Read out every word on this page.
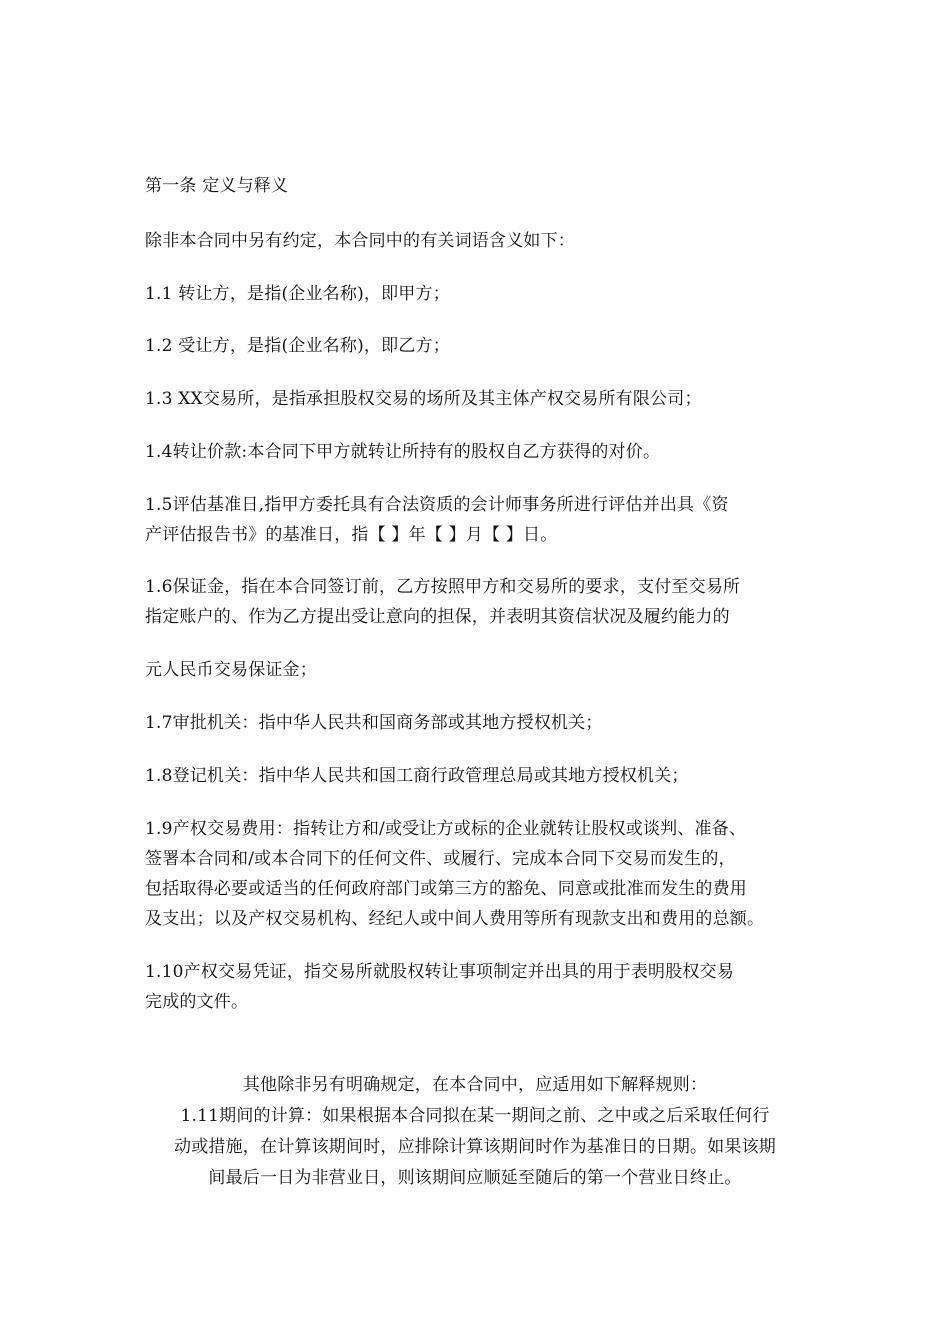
第一条 定义与释义
除非本合同中另有约定，本合同中的有关词语含义如下：
1.1 转让方，是指(企业名称)，即甲方；
1.2 受让方，是指(企业名称)，即乙方；
1.3 XX交易所，是指承担股权交易的场所及其主体产权交易所有限公司；
1.4转让价款:本合同下甲方就转让所持有的股权自乙方获得的对价。
1.5评估基准日,指甲方委托具有合法资质的会计师事务所进行评估并出具《资
产评估报告书》的基准日，指【 】年【 】月【 】日。
1.6保证金，指在本合同签订前，乙方按照甲方和交易所的要求，支付至交易所
指定账户的、作为乙方提出受让意向的担保，并表明其资信状况及履约能力的
元人民币交易保证金；
1.7审批机关：指中华人民共和国商务部或其地方授权机关；
1.8登记机关：指中华人民共和国工商行政管理总局或其地方授权机关；
1.9产权交易费用：指转让方和/或受让方或标的企业就转让股权或谈判、准备、
签署本合同和/或本合同下的任何文件、或履行、完成本合同下交易而发生的，
包括取得必要或适当的任何政府部门或第三方的豁免、同意或批准而发生的费用
及支出；以及产权交易机构、经纪人或中间人费用等所有现款支出和费用的总额。
1.10产权交易凭证，指交易所就股权转让事项制定并出具的用于表明股权交易
完成的文件。
其他除非另有明确规定，在本合同中，应适用如下解释规则：
1.11期间的计算：如果根据本合同拟在某一期间之前、之中或之后采取任何行
动或措施，在计算该期间时，应排除计算该期间时作为基准日的日期。如果该期
间最后一日为非营业日，则该期间应顺延至随后的第一个营业日终止。
